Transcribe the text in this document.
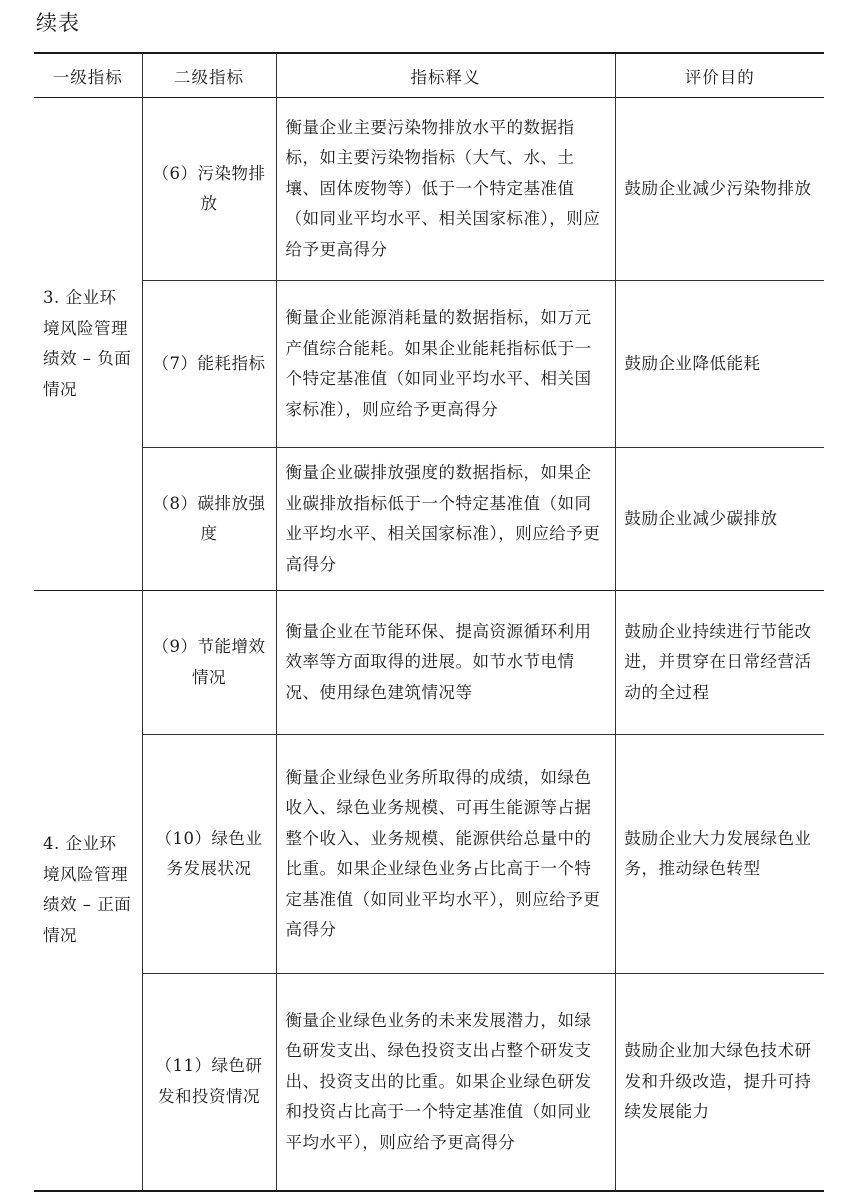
续表
一级指标	二级指标	指标释义	评价目的
3. 企业环境风险管理绩效 – 负面情况	（6）污染物排放	衡量企业主要污染物排放水平的数据指标，如主要污染物指标（大气、水、土壤、固体废物等）低于一个特定基准值（如同业平均水平、相关国家标准），则应给予更高得分	鼓励企业减少污染物排放
	（7）能耗指标	衡量企业能源消耗量的数据指标，如万元产值综合能耗。如果企业能耗指标低于一个特定基准值（如同业平均水平、相关国家标准），则应给予更高得分	鼓励企业降低能耗
	（8）碳排放强度	衡量企业碳排放强度的数据指标，如果企业碳排放指标低于一个特定基准值（如同业平均水平、相关国家标准），则应给予更高得分	鼓励企业减少碳排放
4. 企业环境风险管理绩效 – 正面情况	（9）节能增效情况	衡量企业在节能环保、提高资源循环利用效率等方面取得的进展。如节水节电情况、使用绿色建筑情况等	鼓励企业持续进行节能改进，并贯穿在日常经营活动的全过程
	（10）绿色业务发展状况	衡量企业绿色业务所取得的成绩，如绿色收入、绿色业务规模、可再生能源等占据整个收入、业务规模、能源供给总量中的比重。如果企业绿色业务占比高于一个特定基准值（如同业平均水平），则应给予更高得分	鼓励企业大力发展绿色业务，推动绿色转型
	（11）绿色研发和投资情况	衡量企业绿色业务的未来发展潜力，如绿色研发支出、绿色投资支出占整个研发支出、投资支出的比重。如果企业绿色研发和投资占比高于一个特定基准值（如同业平均水平），则应给予更高得分	鼓励企业加大绿色技术研发和升级改造，提升可持续发展能力
